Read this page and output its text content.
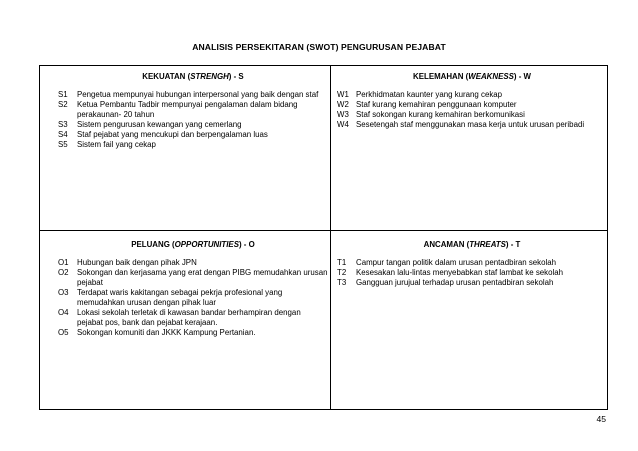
ANALISIS PERSEKITARAN (SWOT) PENGURUSAN PEJABAT
KEKUATAN (STRENGH) - S
S1	Pengetua mempunyai hubungan interpersonal yang baik dengan staf
S2	Ketua Pembantu Tadbir mempunyai pengalaman dalam bidang perakaunan- 20 tahun
S3	Sistem pengurusan kewangan yang cemerlang
S4	Staf pejabat yang mencukupi dan berpengalaman luas
S5	Sistem fail yang cekap
KELEMAHAN (WEAKNESS) - W
W1 Perkhidmatan kaunter yang kurang cekap
W2 Staf kurang kemahiran penggunaan komputer
W3 Staf sokongan kurang kemahiran berkomunikasi
W4 Sesetengah staf menggunakan masa kerja untuk urusan peribadi
PELUANG (OPPORTUNITIES) - O
O1	Hubungan baik dengan pihak JPN
O2	Sokongan dan kerjasama yang erat dengan PIBG memudahkan urusan pejabat
O3	Terdapat waris kakitangan sebagai pekrja profesional yang memudahkan urusan dengan pihak luar
O4	Lokasi sekolah terletak di kawasan bandar berhampiran dengan pejabat pos, bank dan pejabat kerajaan.
O5	Sokongan komuniti dan JKKK Kampung Pertanian.
ANCAMAN (THREATS) - T
T1	Campur tangan politik dalam urusan pentadbiran sekolah
T2	Kesesakan lalu-lintas menyebabkan staf lambat ke sekolah
T3	Gangguan jurujual terhadap urusan pentadbiran sekolah
45
